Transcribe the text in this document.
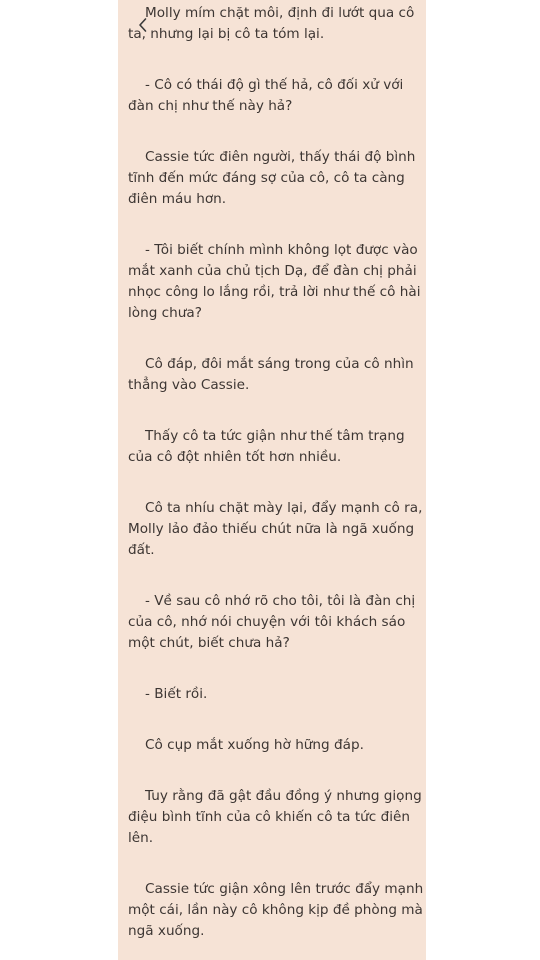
Molly mím chặt môi, định đi lướt qua cô ta, nhưng lại bị cô ta tóm lại.

- Cô có thái độ gì thế hả, cô đối xử với đàn chị như thế này hả?

Cassie tức điên người, thấy thái độ bình tĩnh đến mức đáng sợ của cô, cô ta càng điên máu hơn.

- Tôi biết chính mình không lọt được vào mắt xanh của chủ tịch Dạ, để đàn chị phải nhọc công lo lắng rồi, trả lời như thế cô hài lòng chưa?

Cô đáp, đôi mắt sáng trong của cô nhìn thẳng vào Cassie.

Thấy cô ta tức giận như thế tâm trạng của cô đột nhiên tốt hơn nhiều.

Cô ta nhíu chặt mày lại, đẩy mạnh cô ra, Molly lảo đảo thiếu chút nữa là ngã xuống đất.

- Về sau cô nhớ rõ cho tôi, tôi là đàn chị của cô, nhớ nói chuyện với tôi khách sáo một chút, biết chưa hả?

- Biết rồi.

Cô cụp mắt xuống hờ hững đáp.

Tuy rằng đã gật đầu đồng ý nhưng giọng điệu bình tĩnh của cô khiến cô ta tức điên lên.

Cassie tức giận xông lên trước đẩy mạnh một cái, lần này cô không kịp đề phòng mà ngã xuống.
